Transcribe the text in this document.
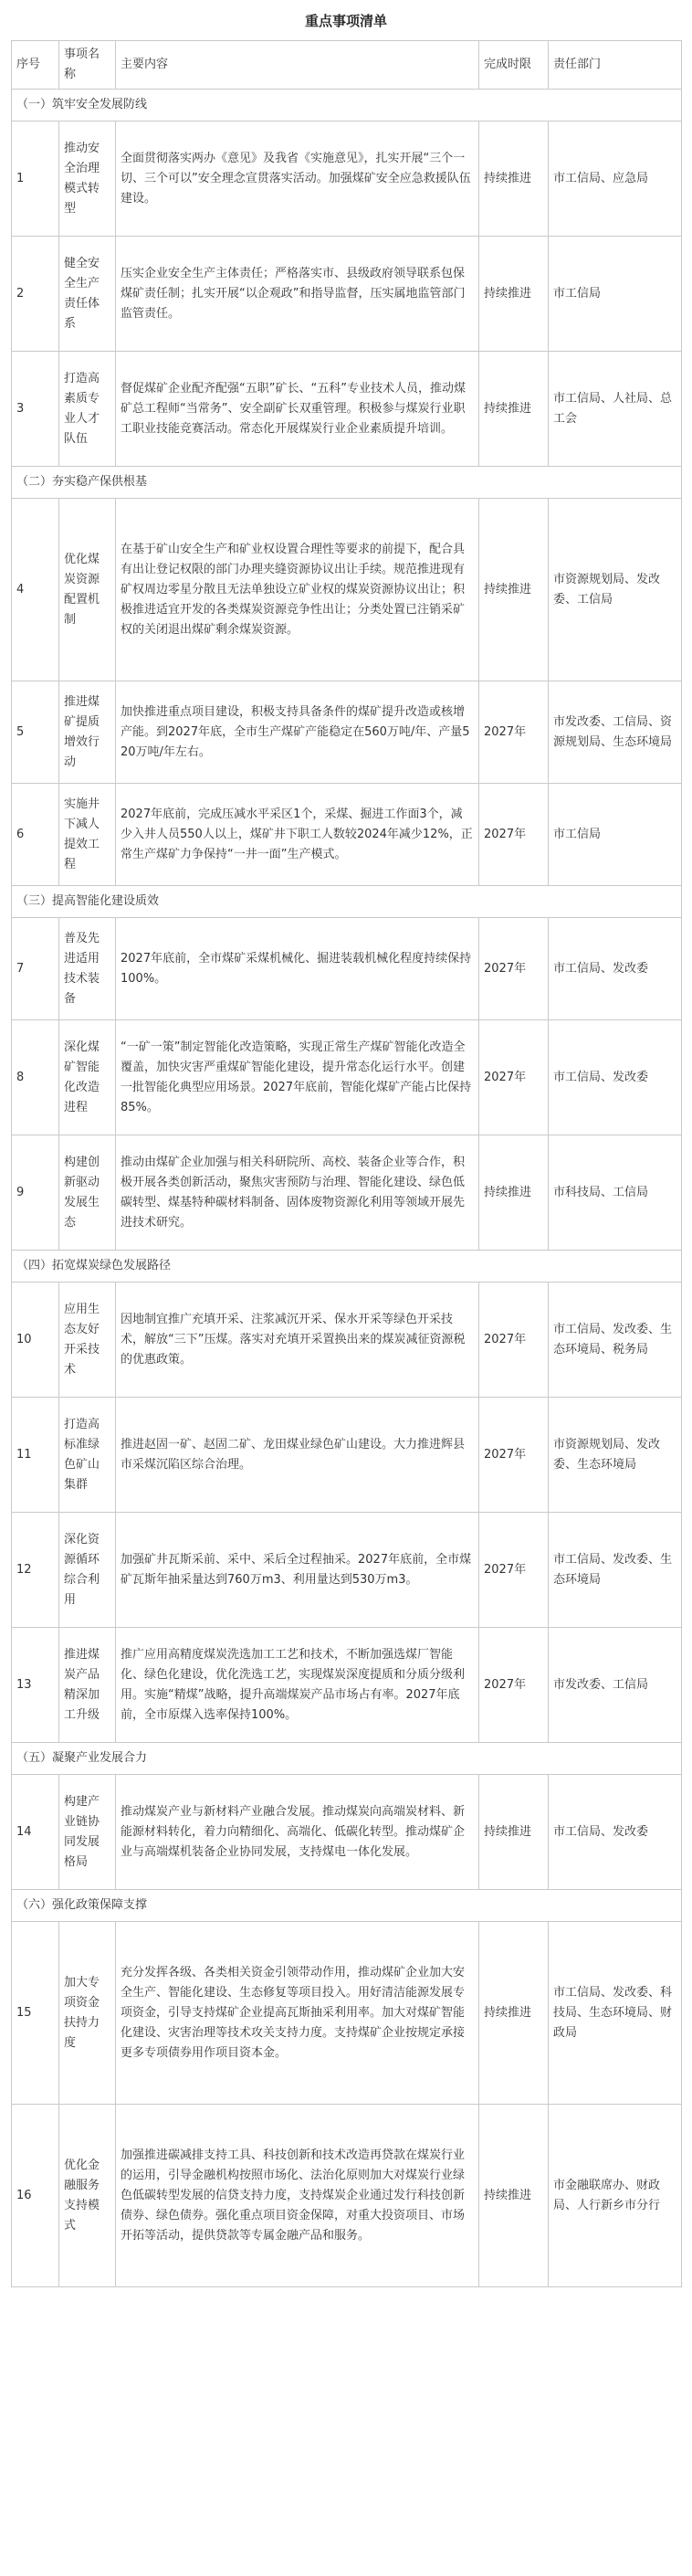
重点事项清单
序号	事项名称	主要内容	完成时限	责任部门
（一）筑牢安全发展防线				
1	推动安全治理模式转型	全面贯彻落实两办《意见》及我省《实施意见》，扎实开展“三个一切、三个可以”安全理念宣贯落实活动。加强煤矿安全应急救援队伍建设。	持续推进	市工信局、应急局
2	健全安全生产责任体系	压实企业安全生产主体责任；严格落实市、县级政府领导联系包保煤矿责任制；扎实开展“以企观政”和指导监督，压实属地监管部门监管责任。	持续推进	市工信局
3	打造高素质专业人才队伍	督促煤矿企业配齐配强“五职”矿长、“五科”专业技术人员，推动煤矿总工程师“当常务”、安全副矿长双重管理。积极参与煤炭行业职工职业技能竞赛活动。常态化开展煤炭行业企业素质提升培训。	持续推进	市工信局、人社局、总工会
（二）夯实稳产保供根基				
4	优化煤炭资源配置机制	在基于矿山安全生产和矿业权设置合理性等要求的前提下，配合具有出让登记权限的部门办理夹缝资源协议出让手续。规范推进现有矿权周边零星分散且无法单独设立矿业权的煤炭资源协议出让；积极推进适宜开发的各类煤炭资源竞争性出让；分类处置已注销采矿权的关闭退出煤矿剩余煤炭资源。	持续推进	市资源规划局、发改委、工信局
5	推进煤矿提质增效行动	加快推进重点项目建设，积极支持具备条件的煤矿提升改造或核增产能。到2027年底，全市生产煤矿产能稳定在560万吨/年、产量520万吨/年左右。	2027年	市发改委、工信局、资源规划局、生态环境局
6	实施井下减人提效工程	2027年底前，完成压减水平采区1个，采煤、掘进工作面3个，减少入井人员550人以上，煤矿井下职工人数较2024年减少12%，正常生产煤矿力争保持“一井一面”生产模式。	2027年	市工信局
（三）提高智能化建设质效				
7	普及先进适用技术装备	2027年底前，全市煤矿采煤机械化、掘进装载机械化程度持续保持100%。	2027年	市工信局、发改委
8	深化煤矿智能化改造进程	“一矿一策”制定智能化改造策略，实现正常生产煤矿智能化改造全覆盖，加快灾害严重煤矿智能化建设，提升常态化运行水平。创建一批智能化典型应用场景。2027年底前，智能化煤矿产能占比保持85%。	2027年	市工信局、发改委
9	构建创新驱动发展生态	推动由煤矿企业加强与相关科研院所、高校、装备企业等合作，积极开展各类创新活动，聚焦灾害预防与治理、智能化建设、绿色低碳转型、煤基特种碳材料制备、固体废物资源化利用等领域开展先进技术研究。	持续推进	市科技局、工信局
（四）拓宽煤炭绿色发展路径				
10	应用生态友好开采技术	因地制宜推广充填开采、注浆减沉开采、保水开采等绿色开采技术，解放“三下”压煤。落实对充填开采置换出来的煤炭减征资源税的优惠政策。	2027年	市工信局、发改委、生态环境局、税务局
11	打造高标准绿色矿山集群	推进赵固一矿、赵固二矿、龙田煤业绿色矿山建设。大力推进辉县市采煤沉陷区综合治理。	2027年	市资源规划局、发改委、生态环境局
12	深化资源循环综合利用	加强矿井瓦斯采前、采中、采后全过程抽采。2027年底前，全市煤矿瓦斯年抽采量达到760万m3、利用量达到530万m3。	2027年	市工信局、发改委、生态环境局
13	推进煤炭产品精深加工升级	推广应用高精度煤炭洗选加工工艺和技术，不断加强选煤厂智能化、绿色化建设，优化洗选工艺，实现煤炭深度提质和分质分级利用。实施“精煤”战略，提升高端煤炭产品市场占有率。2027年底前，全市原煤入选率保持100%。	2027年	市发改委、工信局
（五）凝聚产业发展合力				
14	构建产业链协同发展格局	推动煤炭产业与新材料产业融合发展。推动煤炭向高端炭材料、新能源材料转化，着力向精细化、高端化、低碳化转型。推动煤矿企业与高端煤机装备企业协同发展，支持煤电一体化发展。	持续推进	市工信局、发改委
（六）强化政策保障支撑				
15	加大专项资金扶持力度	充分发挥各级、各类相关资金引领带动作用，推动煤矿企业加大安全生产、智能化建设、生态修复等项目投入。用好清洁能源发展专项资金，引导支持煤矿企业提高瓦斯抽采利用率。加大对煤矿智能化建设、灾害治理等技术攻关支持力度。支持煤矿企业按规定承接更多专项债券用作项目资本金。	持续推进	市工信局、发改委、科技局、生态环境局、财政局
16	优化金融服务支持模式	加强推进碳减排支持工具、科技创新和技术改造再贷款在煤炭行业的运用，引导金融机构按照市场化、法治化原则加大对煤炭行业绿色低碳转型发展的信贷支持力度，支持煤炭企业通过发行科技创新债券、绿色债券。强化重点项目资金保障，对重大投资项目、市场开拓等活动，提供贷款等专属金融产品和服务。	持续推进	市金融联席办、财政局、人行新乡市分行
